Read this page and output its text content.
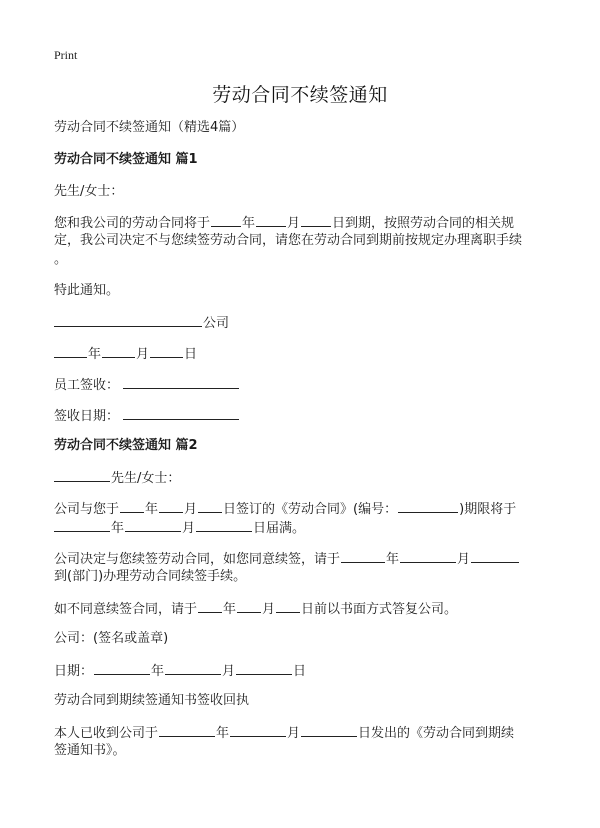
Print
劳动合同不续签通知
劳动合同不续签通知（精选4篇）
劳动合同不续签通知 篇1
先生/女士：
您和我公司的劳动合同将于 年 月 日到期，按照劳动合同的相关规
定，我公司决定不与您续签劳动合同，请您在劳动合同到期前按规定办理离职手续
。
特此通知。
公司
年	月	日
员工签收：
签收日期：
劳动合同不续签通知 篇2
先生/女士：
公司与您于 年 月 日签订的《劳动合同》(编号：	)期限将于
年	月	日届满。
公司决定与您续签劳动合同，如您同意续签，请于	年	月
到(部门)办理劳动合同续签手续。
如不同意续签合同，请于 年 月 日前以书面方式答复公司。
公司：(签名或盖章)
日期：	年	月	日
劳动合同到期续签通知书签收回执
本人已收到公司于	年	月	日发出的《劳动合同到期续
签通知书》。
